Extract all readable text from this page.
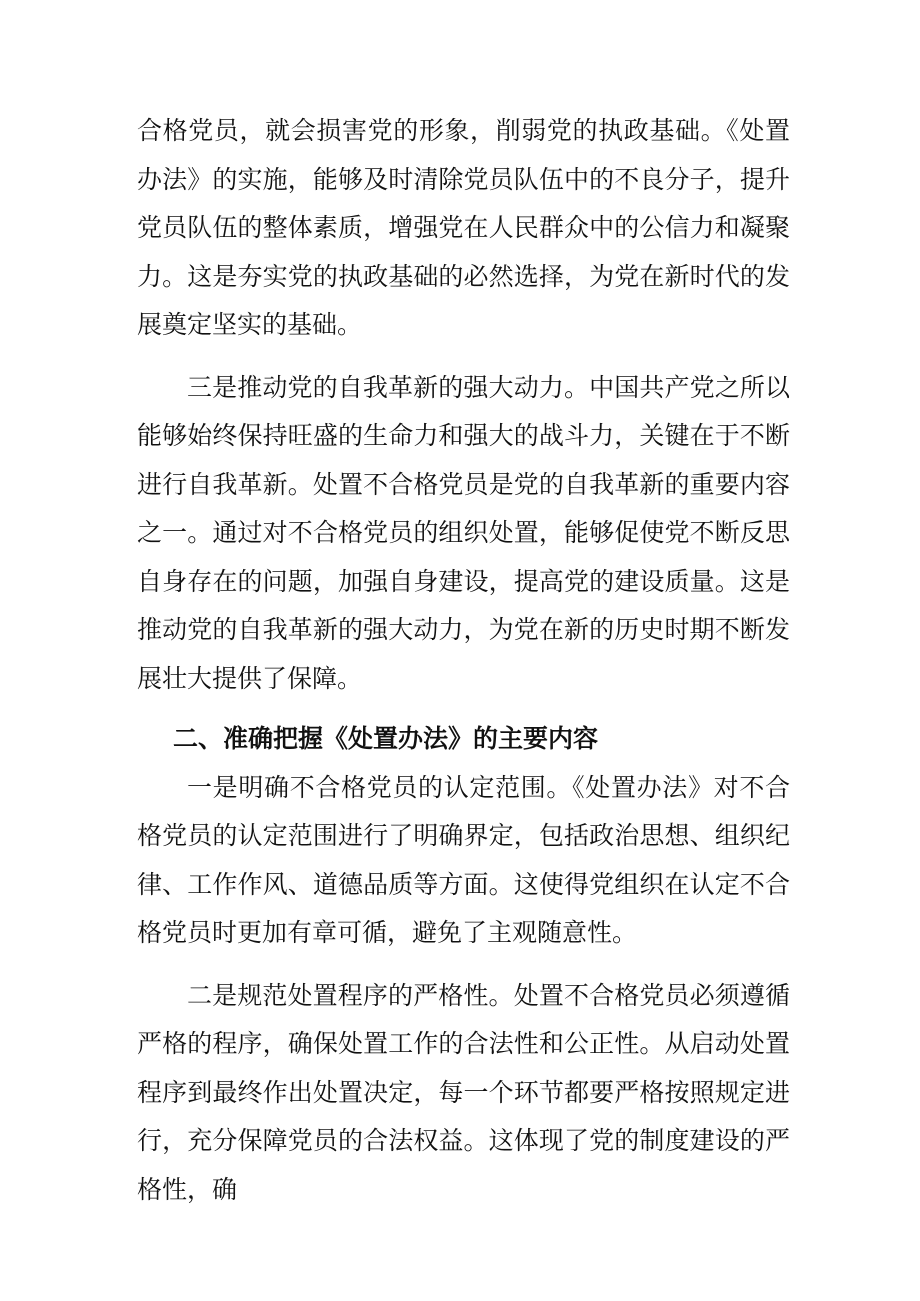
合格党员，就会损害党的形象，削弱党的执政基础。《处置办法》的实施，能够及时清除党员队伍中的不良分子，提升党员队伍的整体素质，增强党在人民群众中的公信力和凝聚力。这是夯实党的执政基础的必然选择，为党在新时代的发展奠定坚实的基础。

三是推动党的自我革新的强大动力。中国共产党之所以能够始终保持旺盛的生命力和强大的战斗力，关键在于不断进行自我革新。处置不合格党员是党的自我革新的重要内容之一。通过对不合格党员的组织处置，能够促使党不断反思自身存在的问题，加强自身建设，提高党的建设质量。这是推动党的自我革新的强大动力，为党在新的历史时期不断发展壮大提供了保障。

二、准确把握《处置办法》的主要内容

一是明确不合格党员的认定范围。《处置办法》对不合格党员的认定范围进行了明确界定，包括政治思想、组织纪律、工作作风、道德品质等方面。这使得党组织在认定不合格党员时更加有章可循，避免了主观随意性。

二是规范处置程序的严格性。处置不合格党员必须遵循严格的程序，确保处置工作的合法性和公正性。从启动处置程序到最终作出处置决定，每一个环节都要严格按照规定进行，充分保障党员的合法权益。这体现了党的制度建设的严格性，确
